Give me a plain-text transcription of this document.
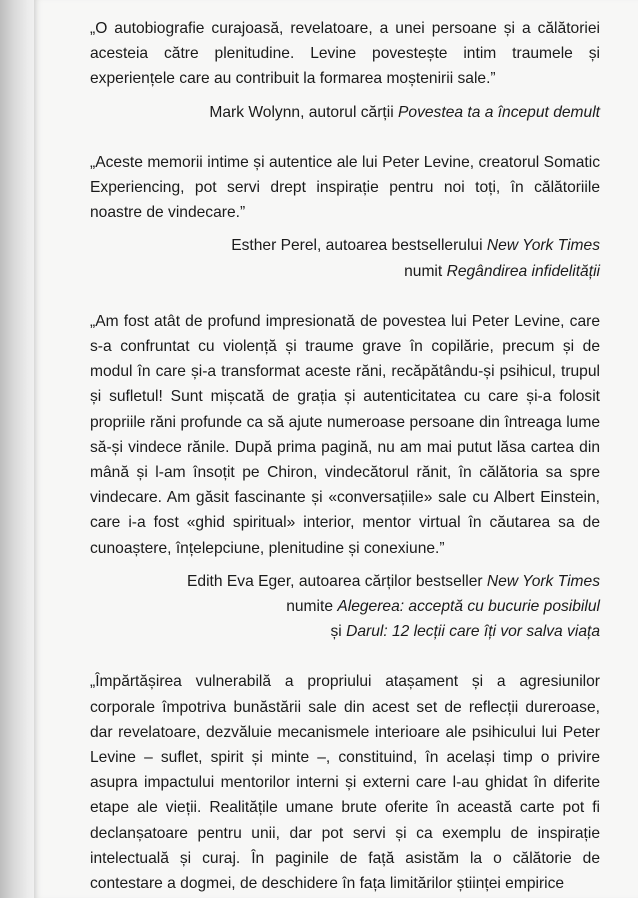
„O autobiografie curajoasă, revelatoare, a unei persoane și a călătoriei acesteia către plenitudine. Levine povestește intim traumele și experiențele care au contribuit la formarea moștenirii sale.”

Mark Wolynn, autorul cărții Povestea ta a început demult

„Aceste memorii intime și autentice ale lui Peter Levine, creatorul Somatic Experiencing, pot servi drept inspirație pentru noi toți, în călătoriile noastre de vindecare.”

Esther Perel, autoarea bestsellerului New York Times

numit Regândirea infidelității

„Am fost atât de profund impresionată de povestea lui Peter Levine, care s-a confruntat cu violență și traume grave în copilărie, precum și de modul în care și-a transformat aceste răni, recăpătându-și psihicul, trupul și sufletul! Sunt mișcată de grația și autenticitatea cu care și-a folosit propriile răni profunde ca să ajute numeroase persoane din întreaga lume să-și vindece rănile. După prima pagină, nu am mai putut lăsa cartea din mână și l-am însoțit pe Chiron, vindecătorul rănit, în călătoria sa spre vindecare. Am găsit fascinante și «conversațiile» sale cu Albert Einstein, care i-a fost «ghid spiritual» interior, mentor virtual în căutarea sa de cunoaștere, înțelepciune, plenitudine și conexiune.”

Edith Eva Eger, autoarea cărților bestseller New York Times

numite Alegerea: acceptă cu bucurie posibilul

și Darul: 12 lecții care îți vor salva viața

„Împărtășirea vulnerabilă a propriului atașament și a agresiunilor corporale împotriva bunăstării sale din acest set de reflecții dureroase, dar revelatoare, dezvăluie mecanismele interioare ale psihicului lui Peter Levine – suflet, spirit și minte –, constituind, în același timp o privire asupra impactului mentorilor interni și externi care l-au ghidat în diferite etape ale vieții. Realitățile umane brute oferite în această carte pot fi declanșatoare pentru unii, dar pot servi și ca exemplu de inspirație intelectuală și curaj. În paginile de față asistăm la o călătorie de contestare a dogmei, de deschidere în fața limitărilor științei empirice
